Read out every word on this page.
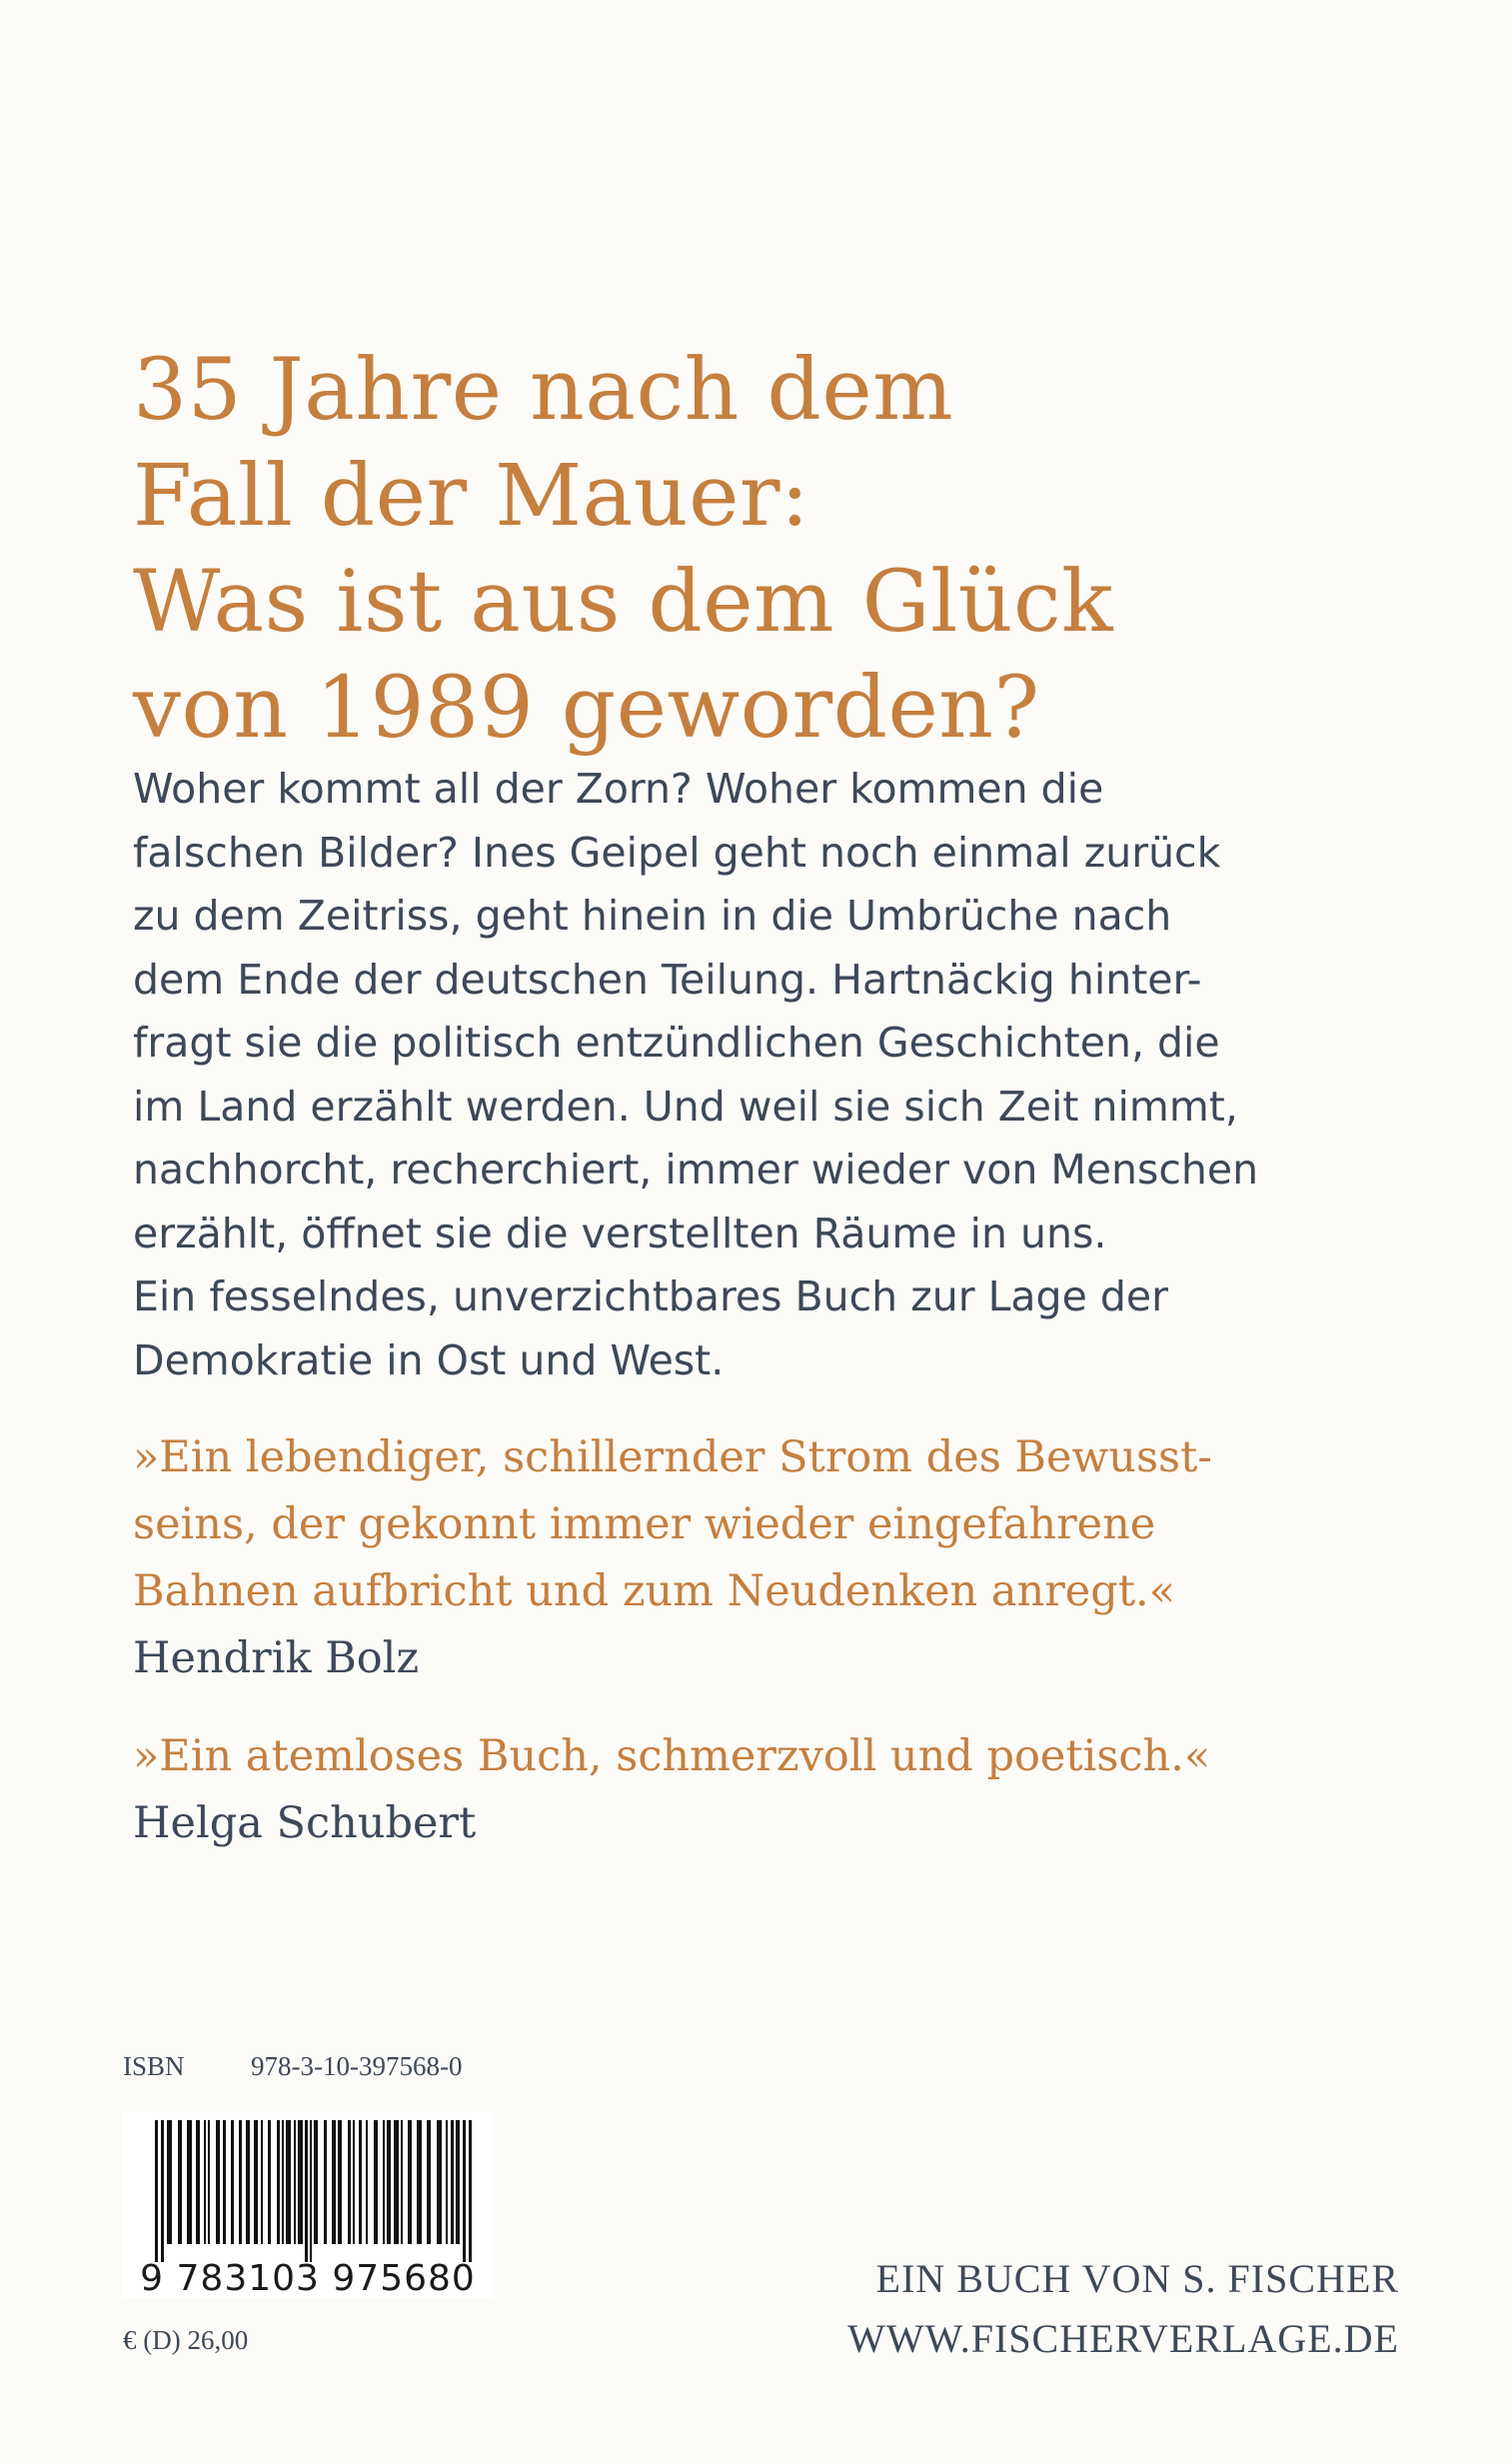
35 Jahre nach dem
Fall der Mauer:
Was ist aus dem Glück
von 1989 geworden?
Woher kommt all der Zorn? Woher kommen die
falschen Bilder? Ines Geipel geht noch einmal zurück
zu dem Zeitriss, geht hinein in die Umbrüche nach
dem Ende der deutschen Teilung. Hartnäckig hinter-
fragt sie die politisch entzündlichen Geschichten, die
im Land erzählt werden. Und weil sie sich Zeit nimmt,
nachhorcht, recherchiert, immer wieder von Menschen
erzählt, öffnet sie die verstellten Räume in uns.
Ein fesselndes, unverzichtbares Buch zur Lage der
Demokratie in Ost und West.
»Ein lebendiger, schillernder Strom des Bewusst-
seins, der gekonnt immer wieder eingefahrene
Bahnen aufbricht und zum Neudenken anregt.«
Hendrik Bolz
»Ein atemloses Buch, schmerzvoll und poetisch.«
Helga Schubert
ISBN 978-3-10-397568-0
9 783103 975680
€ (D) 26,00
EIN BUCH VON S. FISCHER
WWW.FISCHERVERLAGE.DE
